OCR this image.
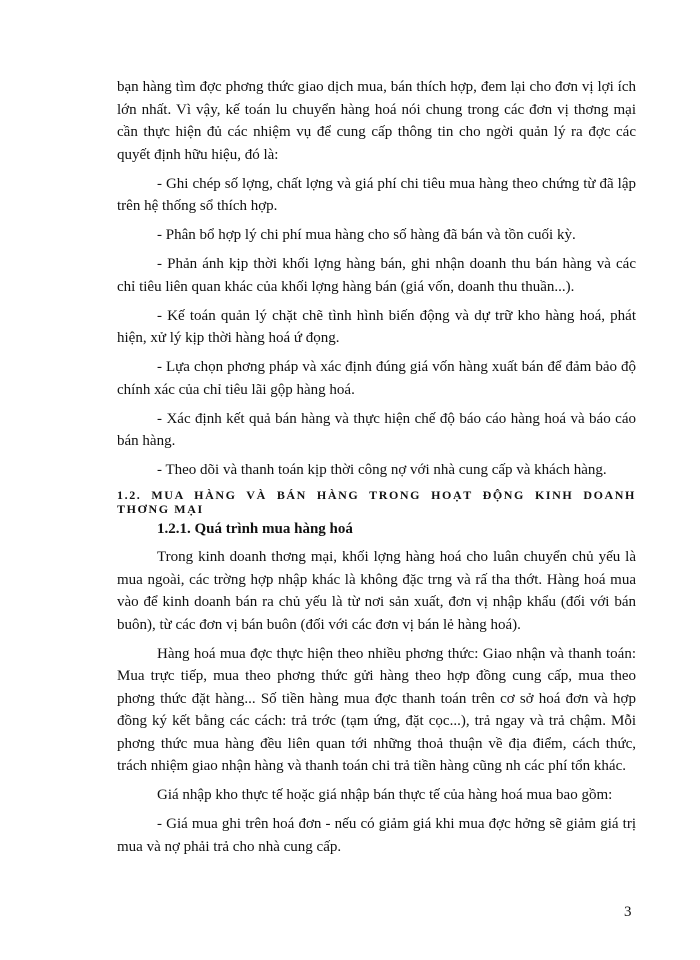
bạn hàng tìm đợc phơng thức giao dịch mua, bán thích hợp, đem lại cho đơn vị lợi ích lớn nhất. Vì vậy, kế toán lu chuyển hàng hoá nói chung trong các đơn vị thơng mại cần thực hiện đủ các nhiệm vụ để cung cấp thông tin cho ngời quản lý ra đợc các quyết định hữu hiệu, đó là:

- Ghi chép số lợng, chất lợng và giá phí chi tiêu mua hàng theo chứng từ đã lập trên hệ thống sổ thích hợp.

- Phân bổ hợp lý chi phí mua hàng cho số hàng đã bán và tồn cuối kỳ.

- Phản ánh kịp thời khối lợng hàng bán, ghi nhận doanh thu bán hàng và các chỉ tiêu liên quan khác của khối lợng hàng bán (giá vốn, doanh thu thuần...).

- Kế toán quản lý chặt chẽ tình hình biến động và dự trữ kho hàng hoá, phát hiện, xử lý kịp thời hàng hoá ứ đọng.

- Lựa chọn phơng pháp và xác định đúng giá vốn hàng xuất bán để đảm bảo độ chính xác của chỉ tiêu lãi gộp hàng hoá.

- Xác định kết quả bán hàng và thực hiện chế độ báo cáo hàng hoá và báo cáo bán hàng.

- Theo dõi và thanh toán kịp thời công nợ với nhà cung cấp và khách hàng.

1.2. MUA HÀNG VÀ BÁN HÀNG TRONG HOẠT ĐỘNG KINH DOANH THƠNG MẠI
1.2.1. Quá trình mua hàng hoá

Trong kinh doanh thơng mại, khối lợng hàng hoá cho luân chuyển chủ yếu là mua ngoài, các trờng hợp nhập khác là không đặc trng và rấ tha thớt. Hàng hoá mua vào để kinh doanh bán ra chủ yếu là từ nơi sản xuất, đơn vị nhập khẩu (đối với bán buôn), từ các đơn vị bán buôn (đối với các đơn vị bán lẻ hàng hoá).

Hàng hoá mua đợc thực hiện theo nhiều phơng thức: Giao nhận và thanh toán: Mua trực tiếp, mua theo phơng thức gửi hàng theo hợp đồng cung cấp, mua theo phơng thức đặt hàng... Số tiền hàng mua đợc thanh toán trên cơ sở hoá đơn và hợp đồng ký kết bằng các cách: trả trớc (tạm ứng, đặt cọc...), trả ngay và trả chậm. Mỗi phơng thức mua hàng đều liên quan tới những thoả thuận về địa điểm, cách thức, trách nhiệm giao nhận hàng và thanh toán chi trả tiền hàng cũng nh các phí tổn khác.

Giá nhập kho thực tế hoặc giá nhập bán thực tế của hàng hoá mua bao gồm:

- Giá mua ghi trên hoá đơn - nếu có giảm giá khi mua đợc hởng sẽ giảm giá trị mua và nợ phải trả cho nhà cung cấp.

3
